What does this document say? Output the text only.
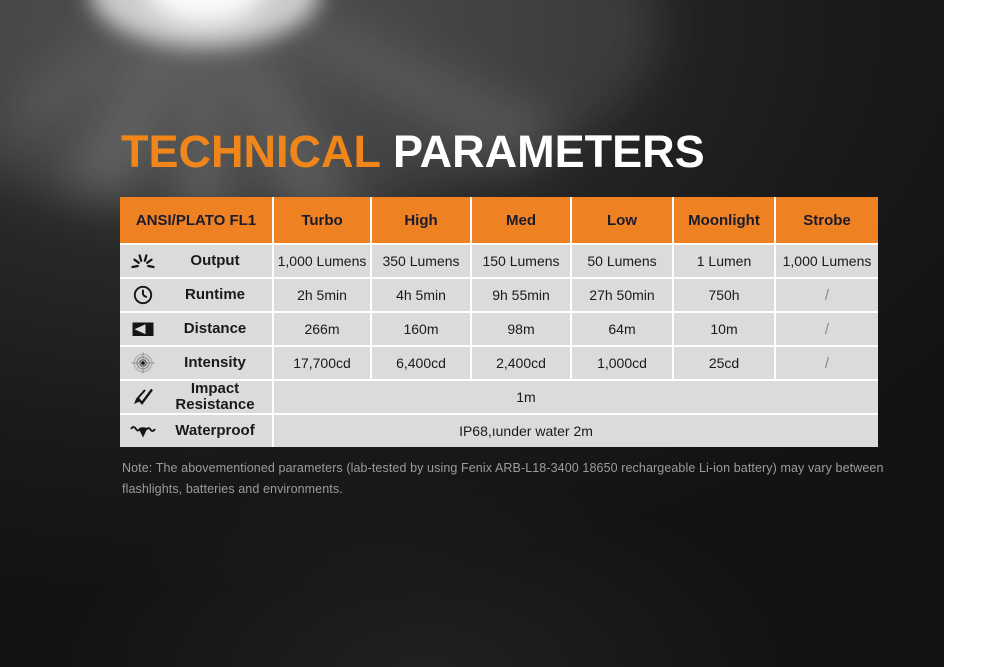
TECHNICAL PARAMETERS
ANSI/PLATO FL1	Turbo	High	Med	Low	Moonlight	Strobe
Output	1,000 Lumens	350 Lumens	150 Lumens	50 Lumens	1 Lumen	1,000 Lumens
Runtime	2h 5min	4h 5min	9h 55min	27h 50min	750h	/
Distance	266m	160m	98m	64m	10m	/
Intensity	17,700cd	6,400cd	2,400cd	1,000cd	25cd	/
Impact Resistance	1m
Waterproof	IP68,ıunder water 2m
Note: The abovementioned parameters (lab-tested by using Fenix ARB-L18-3400 18650 rechargeable Li-ion battery) may vary between
flashlights, batteries and environments.
